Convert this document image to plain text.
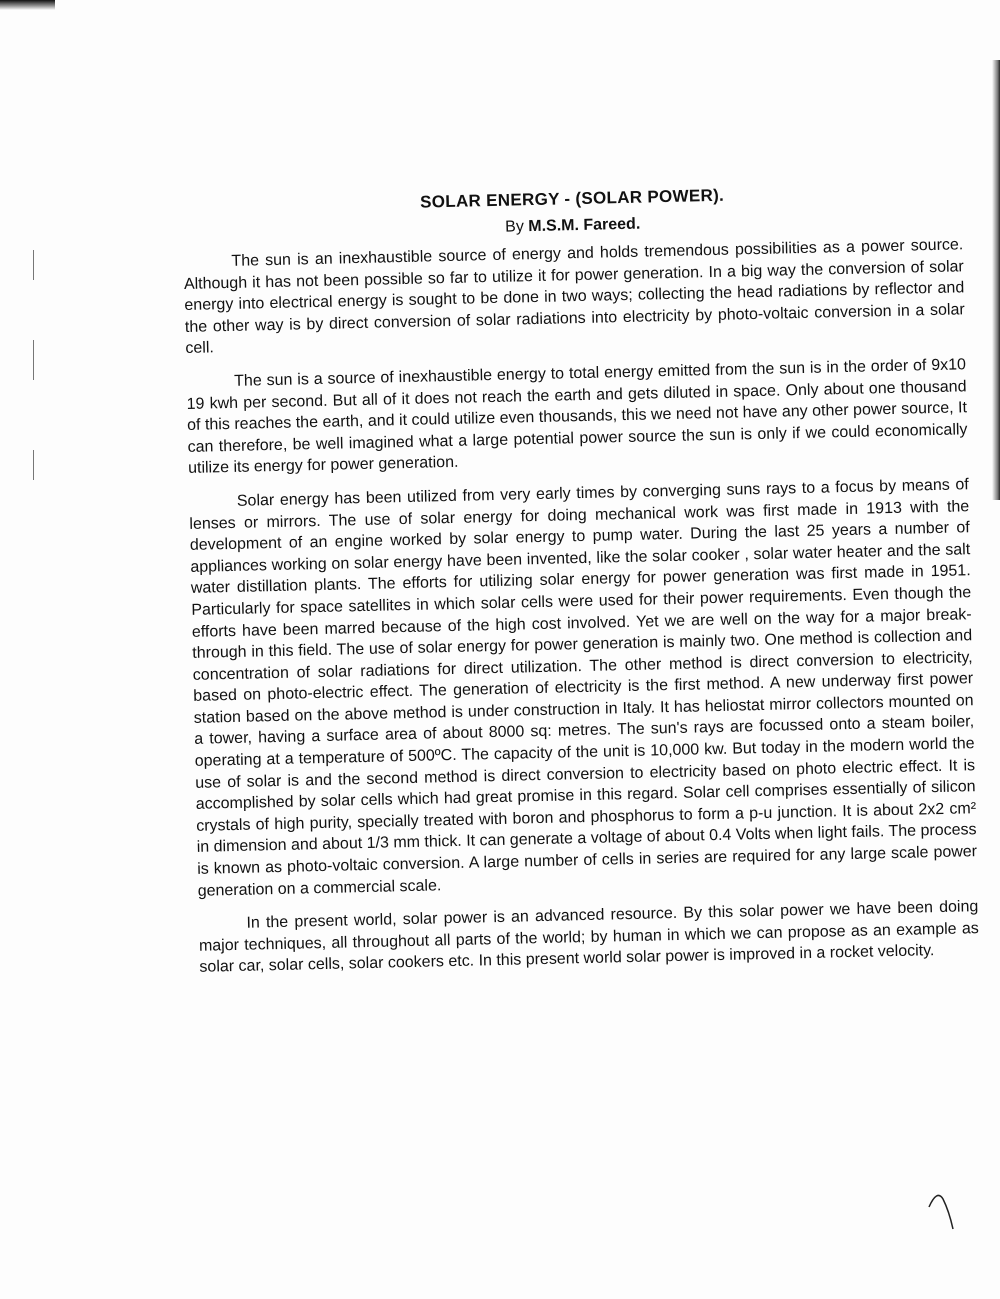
SOLAR ENERGY - (SOLAR POWER).
By M.S.M. Fareed.

The sun is an inexhaustible source of energy and holds tremendous possibilities as a power source. Although it has not been possible so far to utilize it for power generation. In a big way the conversion of solar energy into electrical energy is sought to be done in two ways; collecting the head radiations by reflector and the other way is by direct conversion of solar radiations into electricity by photo-voltaic conversion in a solar cell.

The sun is a source of inexhaustible energy to total energy emitted from the sun is in the order of 9x10 19 kwh per second. But all of it does not reach the earth and gets diluted in space. Only about one thousand of this reaches the earth, and it could utilize even thousands, this we need not have any other power source, It can therefore, be well imagined what a large potential power source the sun is only if we could economically utilize its energy for power generation.

Solar energy has been utilized from very early times by converging suns rays to a focus by means of lenses or mirrors. The use of solar energy for doing mechanical work was first made in 1913 with the development of an engine worked by solar energy to pump water. During the last 25 years a number of appliances working on solar energy have been invented, like the solar cooker , solar water heater and the salt water distillation plants. The efforts for utilizing solar energy for power generation was first made in 1951. Particularly for space satellites in which solar cells were used for their power requirements. Even though the efforts have been marred because of the high cost involved. Yet we are well on the way for a major break-through in this field. The use of solar energy for power generation is mainly two. One method is collection and concentration of solar radiations for direct utilization. The other method is direct conversion to electricity, based on photo-electric effect. The generation of electricity is the first method. A new underway first power station based on the above method is under construction in Italy. It has heliostat mirror collectors mounted on a tower, having a surface area of about 8000 sq: metres. The sun's rays are focussed onto a steam boiler, operating at a temperature of 500ºC. The capacity of the unit is 10,000 kw. But today in the modern world the use of solar is and the second method is direct conversion to electricity based on photo electric effect. It is accomplished by solar cells which had great promise in this regard. Solar cell comprises essentially of silicon crystals of high purity, specially treated with boron and phosphorus to form a p-u junction. It is about 2x2 cm² in dimension and about 1/3 mm thick. It can generate a voltage of about 0.4 Volts when light fails. The process is known as photo-voltaic conversion. A large number of cells in series are required for any large scale power generation on a commercial scale.

In the present world, solar power is an advanced resource. By this solar power we have been doing major techniques, all throughout all parts of the world; by human in which we can propose as an example as solar car, solar cells, solar cookers etc. In this present world solar power is improved in a rocket velocity.
